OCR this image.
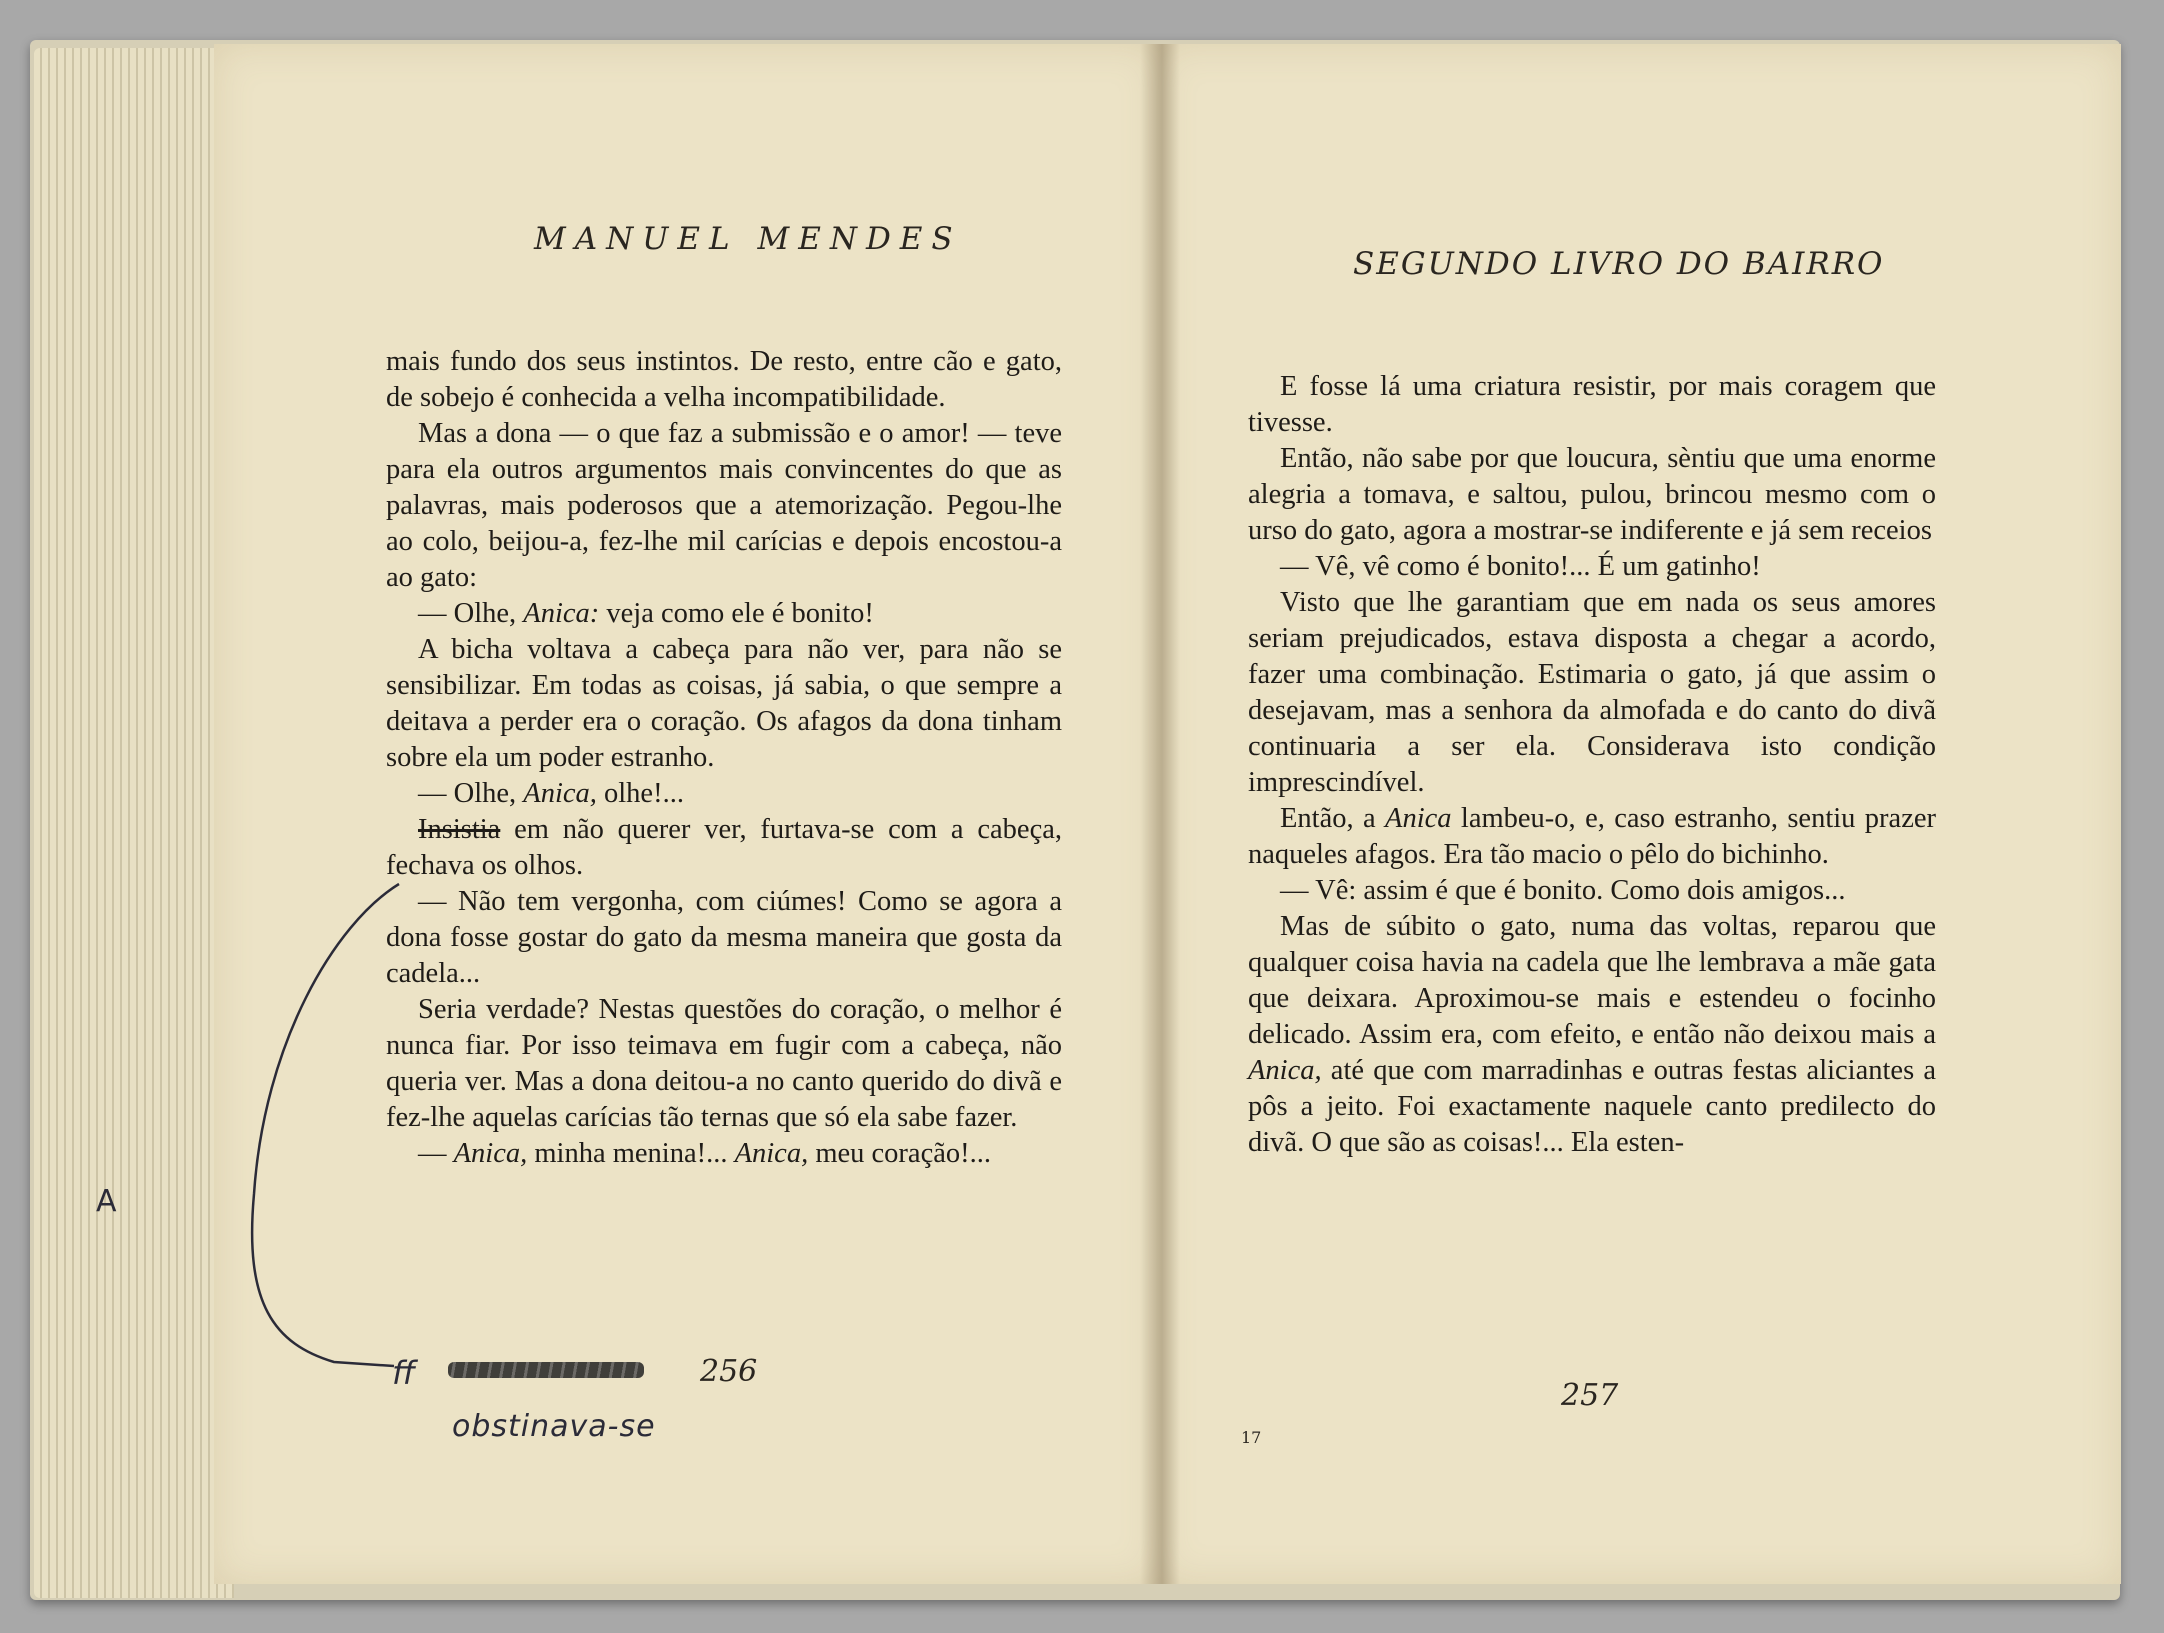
MANUEL MENDES

mais fundo dos seus instintos. De resto, entre cão e gato, de sobejo é conhecida a velha incompatibilidade.

Mas a dona — o que faz a submissão e o amor! — teve para ela outros argumentos mais convincentes do que as palavras, mais poderosos que a atemorização. Pegou-lhe ao colo, beijou-a, fez-lhe mil carícias e depois encostou-a ao gato:

— Olhe, Anica: veja como ele é bonito!

A bicha voltava a cabeça para não ver, para não se sensibilizar. Em todas as coisas, já sabia, o que sempre a deitava a perder era o coração. Os afagos da dona tinham sobre ela um poder estranho.

— Olhe, Anica, olhe!...

Insistia em não querer ver, furtava-se com a cabeça, fechava os olhos.

— Não tem vergonha, com ciúmes! Como se agora a dona fosse gostar do gato da mesma maneira que gosta da cadela...

Seria verdade? Nestas questões do coração, o melhor é nunca fiar. Por isso teimava em fugir com a cabeça, não queria ver. Mas a dona deitou-a no canto querido do divã e fez-lhe aquelas carícias tão ternas que só ela sabe fazer.

— Anica, minha menina!... Anica, meu coração!...

A
ff	256
obstinava-se
SEGUNDO LIVRO DO BAIRRO

E fosse lá uma criatura resistir, por mais coragem que tivesse.

Então, não sabe por que loucura, sèntiu que uma enorme alegria a tomava, e saltou, pulou, brincou mesmo com o urso do gato, agora a mostrar-se indiferente e já sem receios

— Vê, vê como é bonito!... É um gatinho!

Visto que lhe garantiam que em nada os seus amores seriam prejudicados, estava disposta a chegar a acordo, fazer uma combinação. Estimaria o gato, já que assim o desejavam, mas a senhora da almofada e do canto do divã continuaria a ser ela. Considerava isto condição imprescindível.

Então, a Anica lambeu-o, e, caso estranho, sentiu prazer naqueles afagos. Era tão macio o pêlo do bichinho.

— Vê: assim é que é bonito. Como dois amigos...

Mas de súbito o gato, numa das voltas, reparou que qualquer coisa havia na cadela que lhe lembrava a mãe gata que deixara. Aproximou-se mais e estendeu o focinho delicado. Assim era, com efeito, e então não deixou mais a Anica, até que com marradinhas e outras festas aliciantes a pôs a jeito. Foi exactamente naquele canto predilecto do divã. O que são as coisas!... Ela esten-

257
17
